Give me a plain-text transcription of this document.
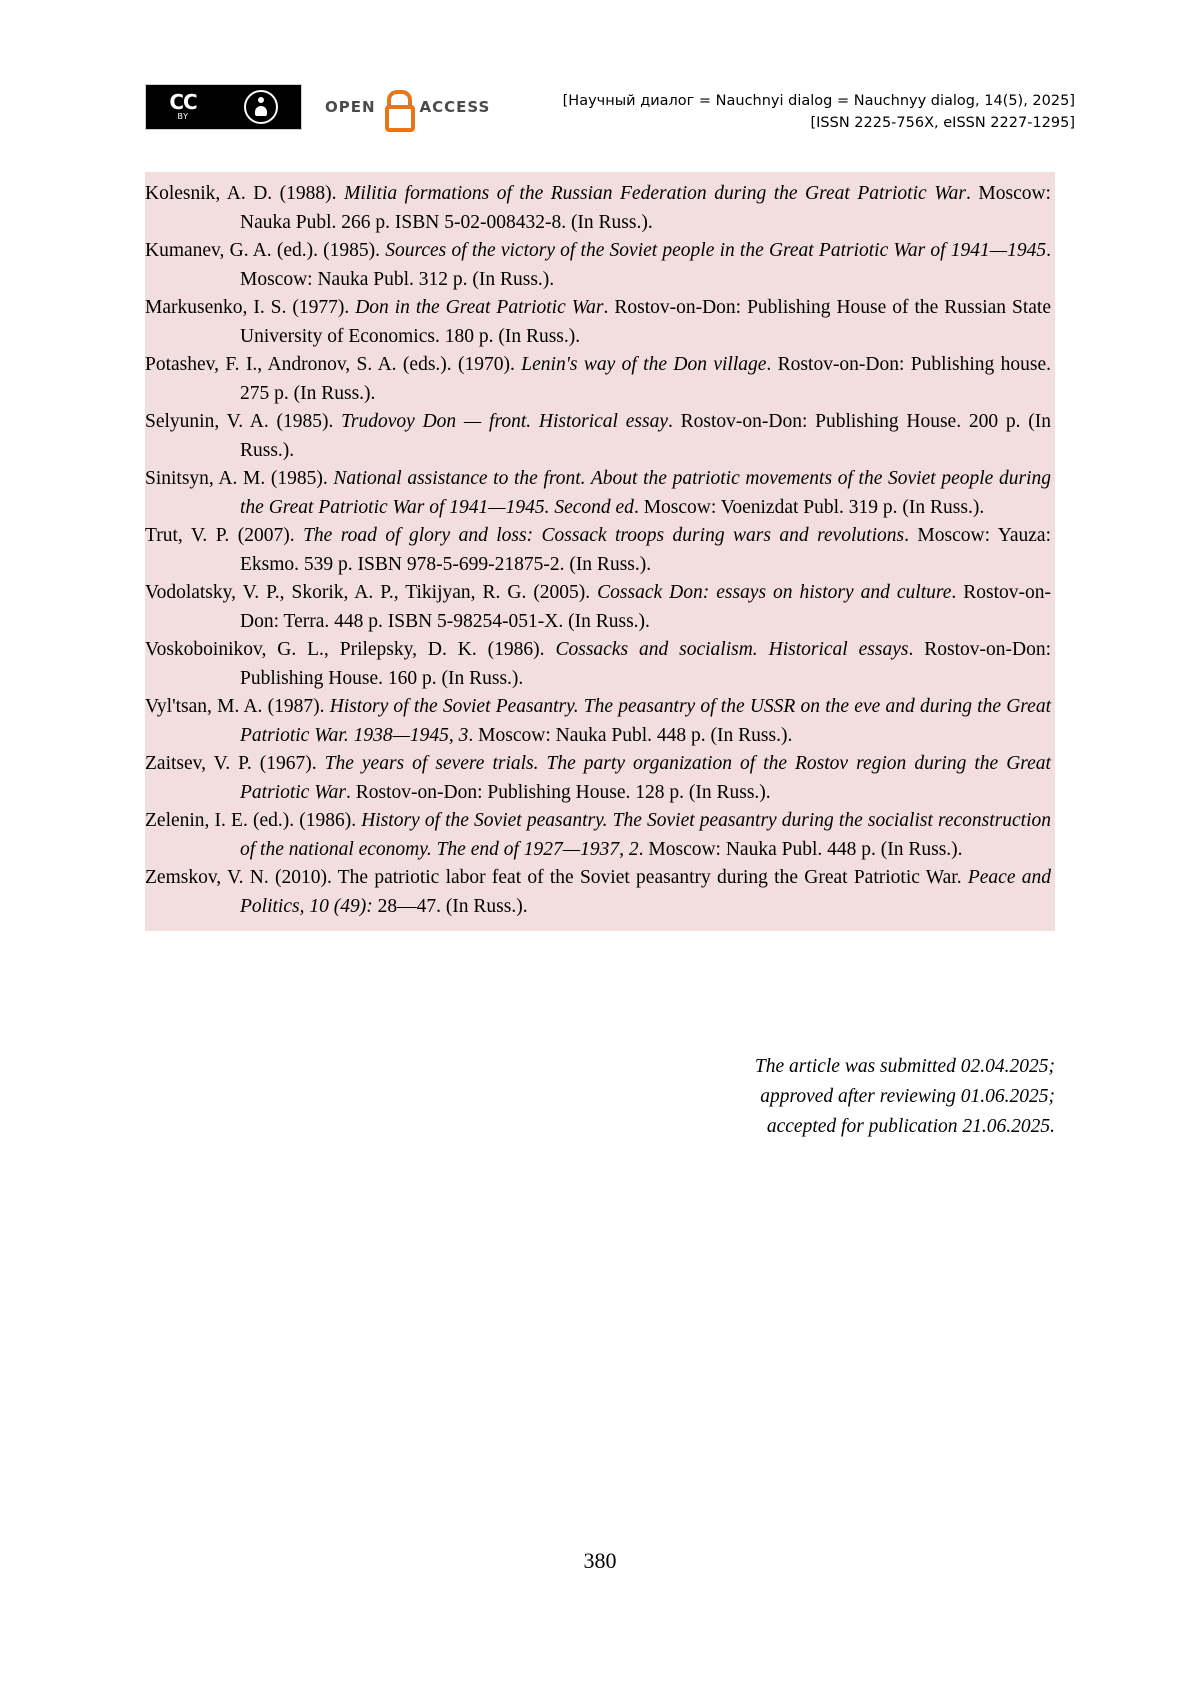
CC
BY	OPEN	ACCESS	[Научный диалог = Nauchnyi dialog = Nauchnyy dialog, 14(5), 2025]
[ISSN 2225-756X, eISSN 2227-1295]

Kolesnik, A. D. (1988). Militia formations of the Russian Federation during the Great Patriotic War. Moscow: Nauka Publ. 266 p. ISBN 5-02-008432-8. (In Russ.).

Kumanev, G. A. (ed.). (1985). Sources of the victory of the Soviet people in the Great Patriotic War of 1941—1945. Moscow: Nauka Publ. 312 p. (In Russ.).

Markusenko, I. S. (1977). Don in the Great Patriotic War. Rostov-on-Don: Publishing House of the Russian State University of Economics. 180 p. (In Russ.).

Potashev, F. I., Andronov, S. A. (eds.). (1970). Lenin's way of the Don village. Rostov-on-Don: Publishing house. 275 p. (In Russ.).

Selyunin, V. A. (1985). Trudovoy Don — front. Historical essay. Rostov-on-Don: Publishing House. 200 p. (In Russ.).

Sinitsyn, A. M. (1985). National assistance to the front. About the patriotic movements of the Soviet people during the Great Patriotic War of 1941—1945. Second ed. Moscow: Voenizdat Publ. 319 p. (In Russ.).

Trut, V. P. (2007). The road of glory and loss: Cossack troops during wars and revolutions. Moscow: Yauza: Eksmo. 539 p. ISBN 978-5-699-21875-2. (In Russ.).

Vodolatsky, V. P., Skorik, A. P., Tikijyan, R. G. (2005). Cossack Don: essays on history and culture. Rostov-on-Don: Terra. 448 p. ISBN 5-98254-051-X. (In Russ.).

Voskoboinikov, G. L., Prilepsky, D. K. (1986). Cossacks and socialism. Historical essays. Rostov-on-Don: Publishing House. 160 p. (In Russ.).

Vyl'tsan, M. A. (1987). History of the Soviet Peasantry. The peasantry of the USSR on the eve and during the Great Patriotic War. 1938—1945, 3. Moscow: Nauka Publ. 448 p. (In Russ.).

Zaitsev, V. P. (1967). The years of severe trials. The party organization of the Rostov region during the Great Patriotic War. Rostov-on-Don: Publishing House. 128 p. (In Russ.).

Zelenin, I. E. (ed.). (1986). History of the Soviet peasantry. The Soviet peasantry during the socialist reconstruction of the national economy. The end of 1927—1937, 2. Moscow: Nauka Publ. 448 p. (In Russ.).

Zemskov, V. N. (2010). The patriotic labor feat of the Soviet peasantry during the Great Patriotic War. Peace and Politics, 10 (49): 28—47. (In Russ.).

The article was submitted 02.04.2025;
approved after reviewing 01.06.2025;
accepted for publication 21.06.2025.
380
